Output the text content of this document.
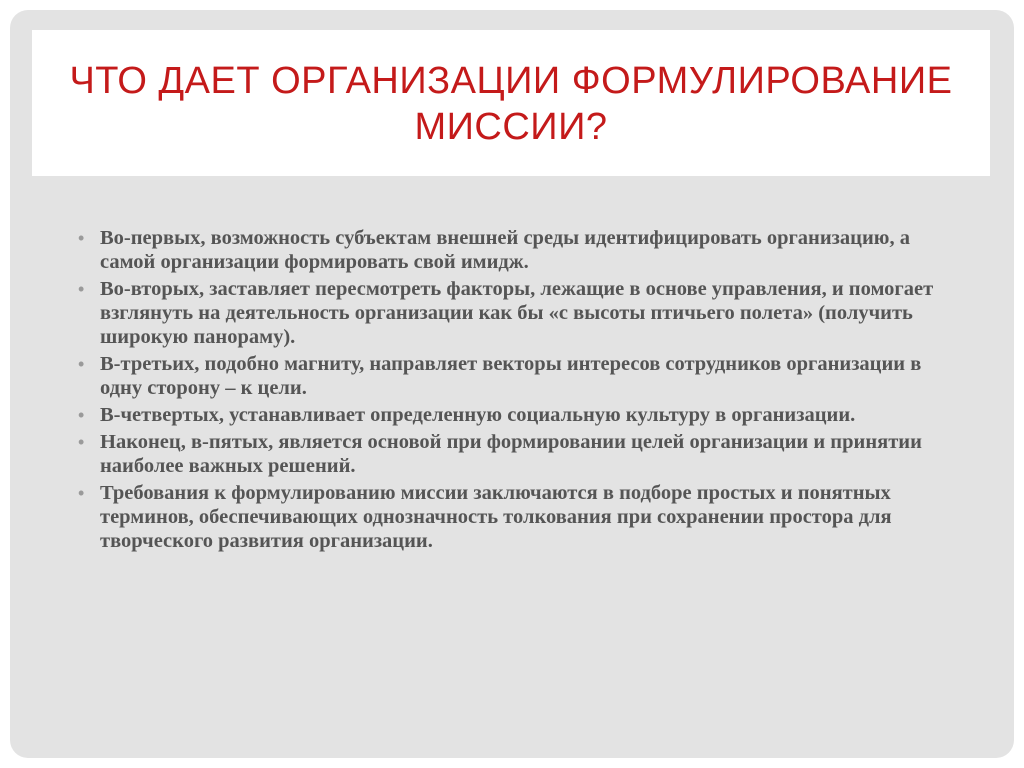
ЧТО ДАЕТ ОРГАНИЗАЦИИ ФОРМУЛИРОВАНИЕ МИССИИ?
• Во-первых, возможность субъектам внешней среды идентифицировать организацию, а самой организации формировать свой имидж.
• Во-вторых, заставляет пересмотреть факторы, лежащие в основе управления, и помогает взглянуть на деятельность организации как бы «с высоты птичьего полета» (получить широкую панораму).
• В-третьих, подобно магниту, направляет векторы интересов сотрудников организации в одну сторону – к цели.
• В-четвертых, устанавливает определенную социальную культуру в организации.
• Наконец, в-пятых, является основой при формировании целей организации и принятии наиболее важных решений.
• Требования к формулированию миссии заключаются в подборе простых и понятных терминов, обеспечивающих однозначность толкования при сохранении простора для творческого развития организации.
